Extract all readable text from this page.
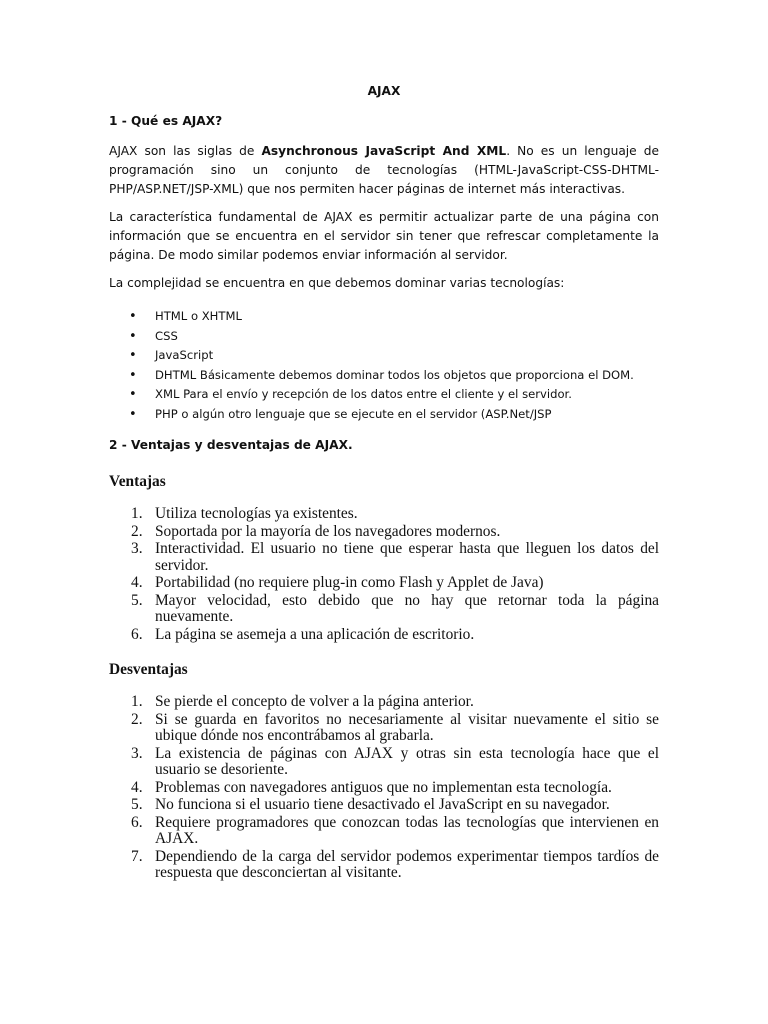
AJAX
1 - Qué es AJAX?

AJAX son las siglas de Asynchronous JavaScript And XML. No es un lenguaje de programación sino un conjunto de tecnologías (HTML-JavaScript-CSS-DHTML-PHP/ASP.NET/JSP-XML) que nos permiten hacer páginas de internet más interactivas.

La característica fundamental de AJAX es permitir actualizar parte de una página con información que se encuentra en el servidor sin tener que refrescar completamente la página. De modo similar podemos enviar información al servidor.

La complejidad se encuentra en que debemos dominar varias tecnologías:

• HTML o XHTML
• CSS
• JavaScript
• DHTML Básicamente debemos dominar todos los objetos que proporciona el DOM.
• XML Para el envío y recepción de los datos entre el cliente y el servidor.
• PHP o algún otro lenguaje que se ejecute en el servidor (ASP.Net/JSP
2 - Ventajas y desventajas de AJAX.
Ventajas
1. Utiliza tecnologías ya existentes.
2. Soportada por la mayoría de los navegadores modernos.
3. Interactividad. El usuario no tiene que esperar hasta que lleguen los datos del servidor.
4. Portabilidad (no requiere plug-in como Flash y Applet de Java)
5. Mayor velocidad, esto debido que no hay que retornar toda la página nuevamente.
6. La página se asemeja a una aplicación de escritorio.
Desventajas
1. Se pierde el concepto de volver a la página anterior.
2. Si se guarda en favoritos no necesariamente al visitar nuevamente el sitio se ubique dónde nos encontrábamos al grabarla.
3. La existencia de páginas con AJAX y otras sin esta tecnología hace que el usuario se desoriente.
4. Problemas con navegadores antiguos que no implementan esta tecnología.
5. No funciona si el usuario tiene desactivado el JavaScript en su navegador.
6. Requiere programadores que conozcan todas las tecnologías que intervienen en AJAX.
7. Dependiendo de la carga del servidor podemos experimentar tiempos tardíos de respuesta que desconciertan al visitante.
